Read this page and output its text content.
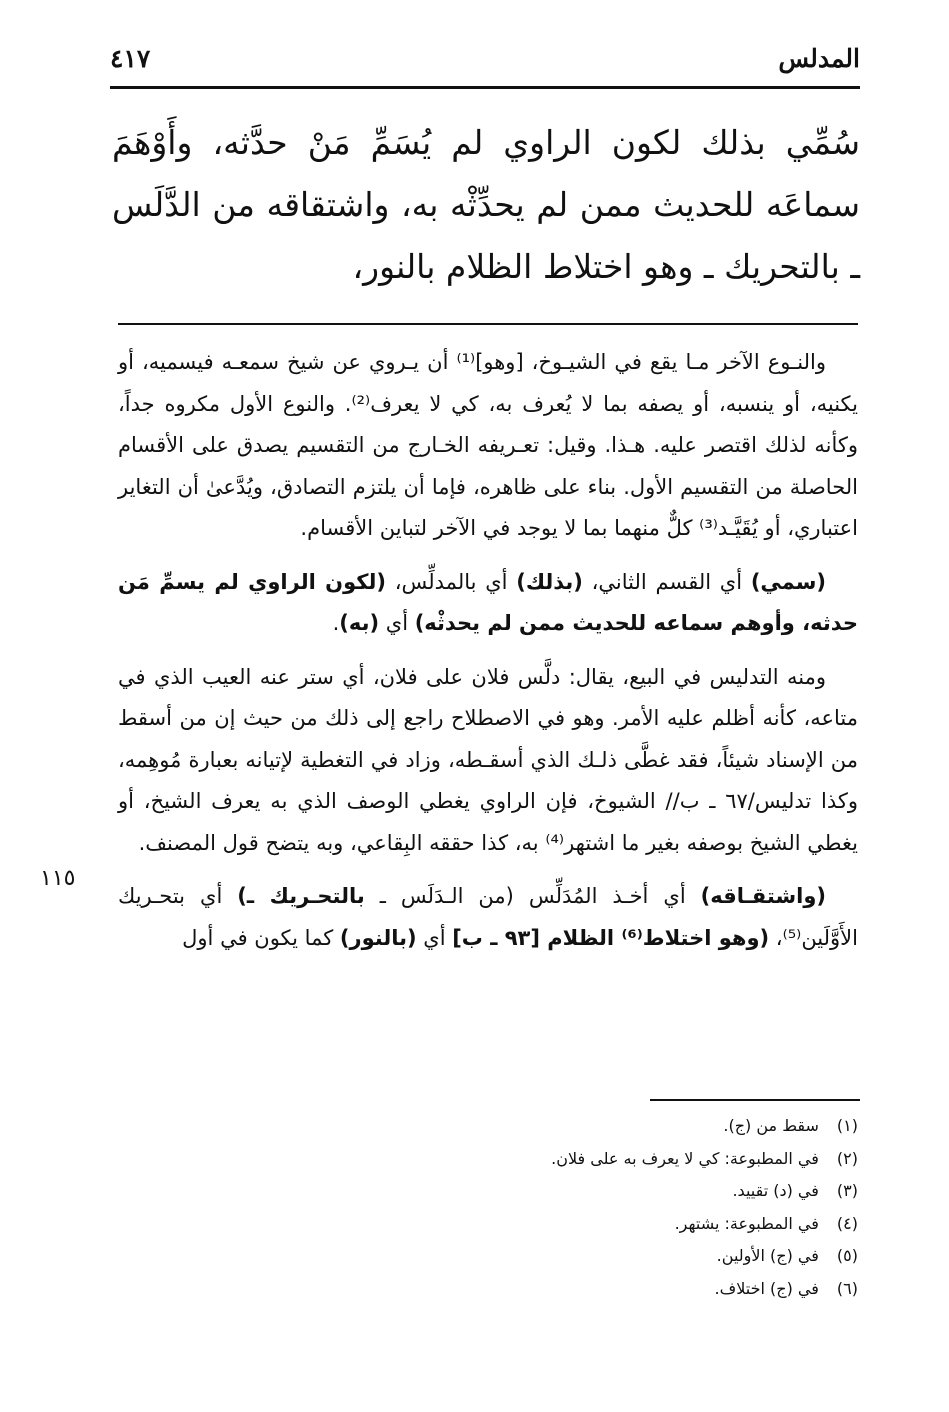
المدلس
٤١٧
سُمِّي بذلك لكون الراوي لم يُسَمِّ مَنْ حدَّثه، وأَوْهَمَ سماعَه للحديث ممن لم يحدِّثْه به، واشتقاقه من الدَّلَس ـ بالتحريك ـ وهو اختلاط الظلام بالنور،

والنـوع الآخر مـا يقع في الشيـوخ، [وهو]⁽¹⁾ أن يـروي عن شيخ سمعـه فيسميه، أو يكنيه، أو ينسبه، أو يصفه بما لا يُعرف به، كي لا يعرف⁽²⁾. والنوع الأول مكروه جداً، وكأنه لذلك اقتصر عليه. هـذا. وقيل: تعـريفه الخـارج من التقسيم يصدق على الأقسام الحاصلة من التقسيم الأول. بناء على ظاهره، فإما أن يلتزم التصادق، ويُدَّعىٰ أن التغاير اعتباري، أو يُقَيَّـد⁽³⁾ كلٌّ منهما بما لا يوجد في الآخر لتباين الأقسام.

(سمي) أي القسم الثاني، (بذلك) أي بالمدلِّس، (لكون الراوي لم يسمِّ مَن حدثه، وأوهم سماعه للحديث ممن لم يحدثْه) أي (به).

ومنه التدليس في البيع، يقال: دلَّس فلان على فلان، أي ستر عنه العيب الذي في متاعه، كأنه أظلم عليه الأمر. وهو في الاصطلاح راجع إلى ذلك من حيث إن من أسقط من الإسناد شيئاً، فقد غطَّى ذلـك الذي أسقـطه، وزاد في التغطية لإتيانه بعبارة مُوهِمه، وكذا تدليس/٦٧ ـ ب// الشيوخ، فإن الراوي يغطي الوصف الذي به يعرف الشيخ، أو يغطي الشيخ بوصفه بغير ما اشتهر⁽⁴⁾ به، كذا حققه البِقاعي، وبه يتضح قول المصنف.

(واشتقـاقه) أي أخـذ المُدَلِّس (من الـدَلَس ـ بالتحـريك ـ) أي بتحـريك الأَوَّلَين⁽⁵⁾، (وهو اختلاط⁽⁶⁾ الظلام [٩٣ ـ ب] أي (بالنور) كما يكون في أول

١١٥
(١) سقط من (ج).
(٢) في المطبوعة: كي لا يعرف به على فلان.
(٣) في (د) تقييد.
(٤) في المطبوعة: يشتهر.
(٥) في (ج) الأولين.
(٦) في (ج) اختلاف.
